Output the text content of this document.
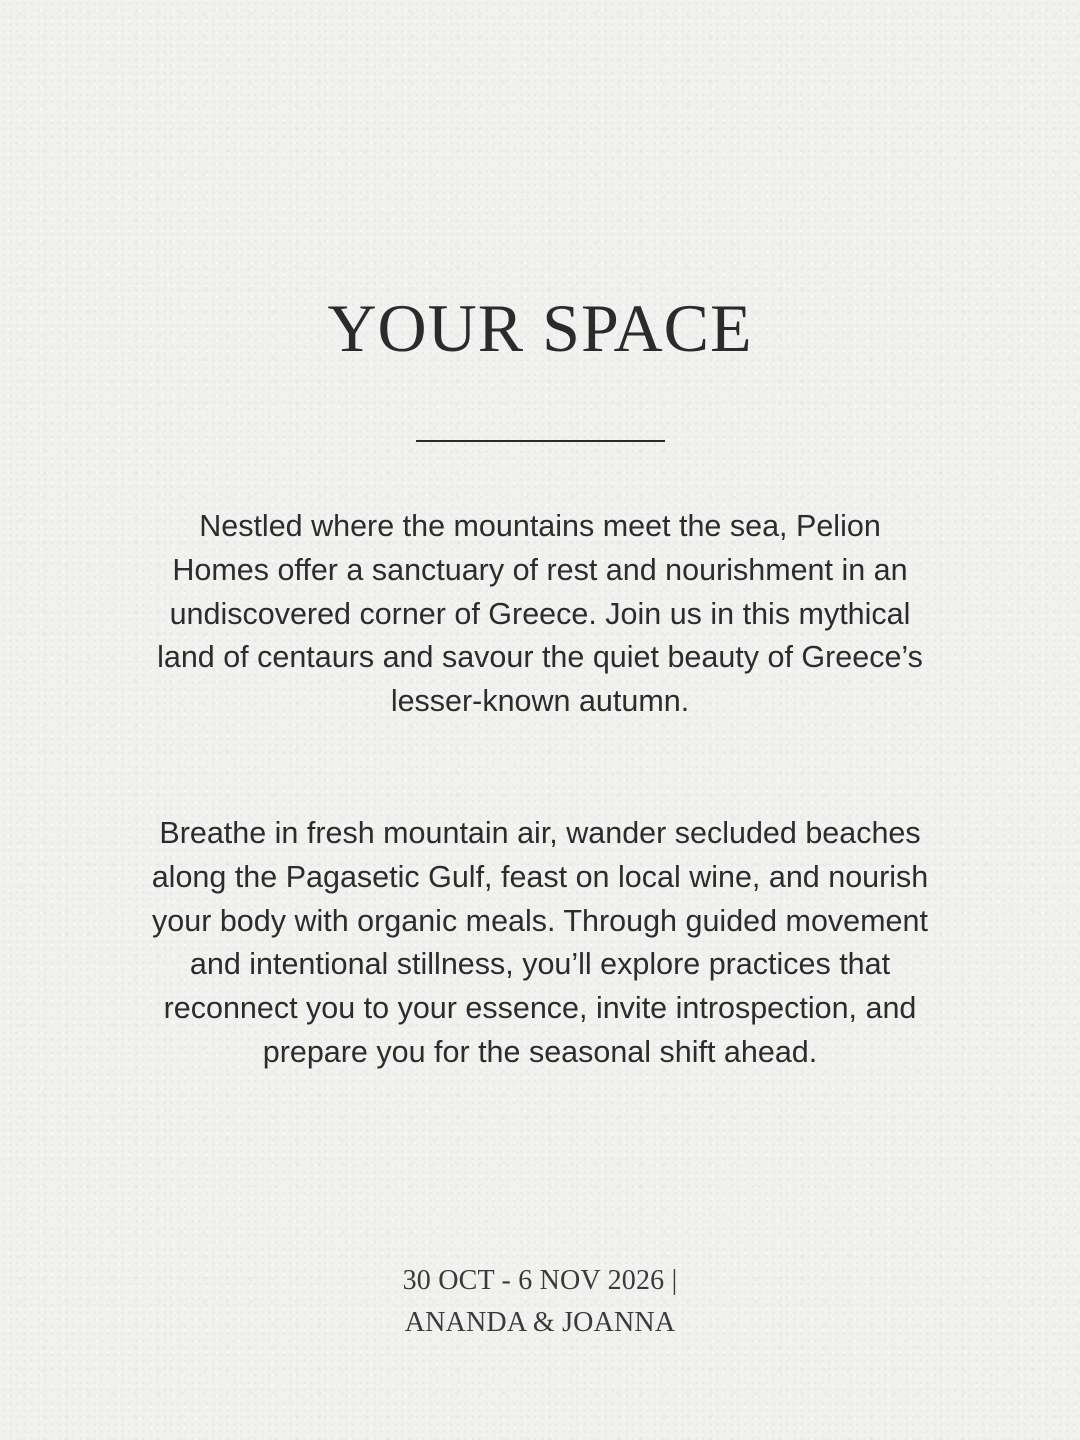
YOUR SPACE

Nestled where the mountains meet the sea, Pelion Homes offer a sanctuary of rest and nourishment in an undiscovered corner of Greece. Join us in this mythical land of centaurs and savour the quiet beauty of Greece’s lesser-known autumn.

Breathe in fresh mountain air, wander secluded beaches along the Pagasetic Gulf, feast on local wine, and nourish your body with organic meals. Through guided movement and intentional stillness, you’ll explore practices that reconnect you to your essence, invite introspection, and prepare you for the seasonal shift ahead.

30 OCT - 6 NOV 2026 |
ANANDA & JOANNA
